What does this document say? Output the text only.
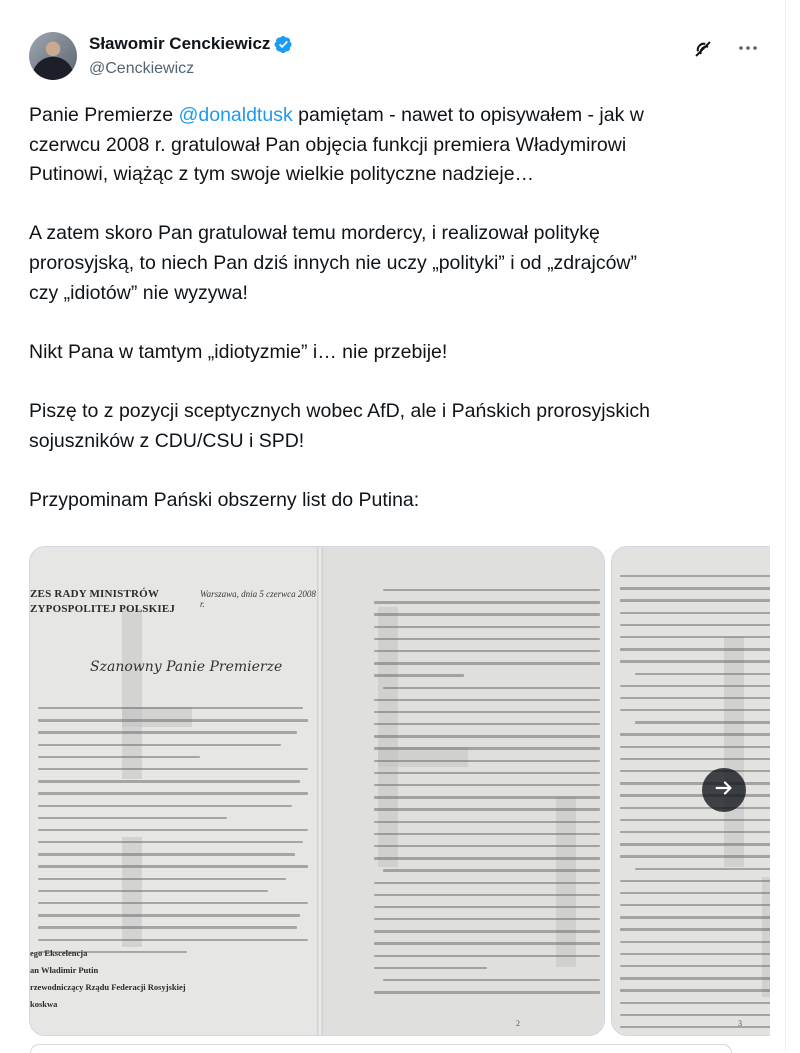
Sławomir Cenckiewicz
@Cenckiewicz

Panie Premierze @donaldtusk pamiętam - nawet to opisywałem - jak w

czerwcu 2008 r. gratulował Pan objęcia funkcji premiera Władymirowi

Putinowi, wiążąc z tym swoje wielkie polityczne nadzieje…

A zatem skoro Pan gratulował temu mordercy, i realizował politykę

prorosyjską, to niech Pan dziś innych nie uczy „polityki” i od „zdrajców”

czy „idiotów” nie wyzywa!

Nikt Pana w tamtym „idiotyzmie” i… nie przebije!

Piszę to z pozycji sceptycznych wobec AfD, ale i Pańskich prorosyjskich

sojuszników z CDU/CSU i SPD!

Przypominam Pański obszerny list do Putina:

ZES RADY MINISTRÓW
ZYPOSPOLITEJ POLSKIEJ
Warszawa, dnia 5 czerwca 2008 r.
Szanowny Panie Premierze
ego Ekscelencja
an Władimir Putin
rzewodniczący Rządu Federacji Rosyjskiej
koskwa
2	3
